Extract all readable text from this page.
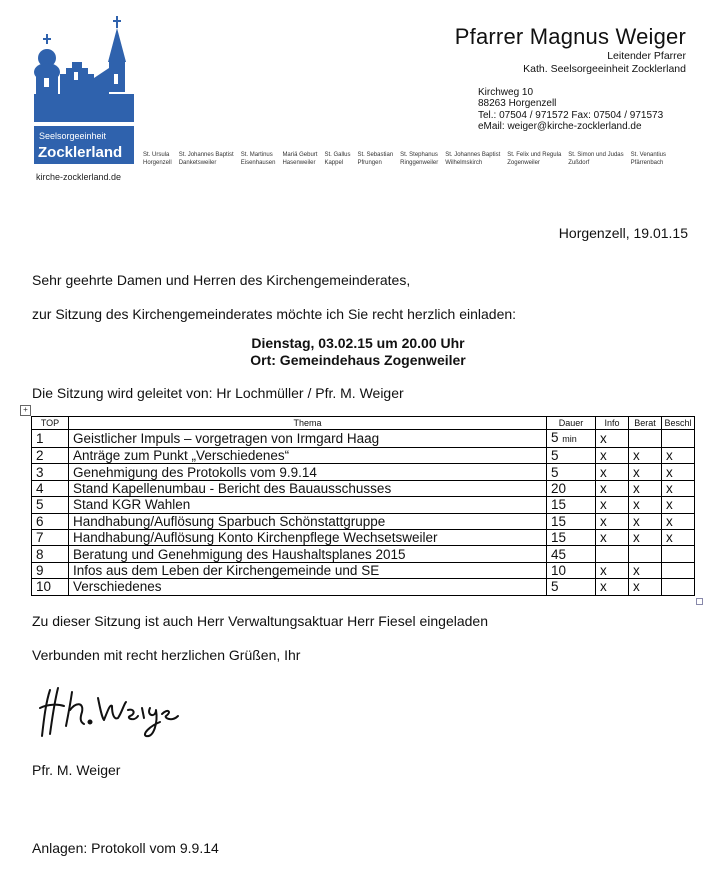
Seelsorgeeinheit
Zocklerland
kirche-zocklerland.de
Pfarrer Magnus Weiger
Leitender Pfarrer
Kath. Seelsorgeeinheit Zocklerland
Kirchweg 10
88263 Horgenzell
Tel.: 07504 / 971572 Fax: 07504 / 971573
eMail: weiger@kirche-zocklerland.de
St. Ursula
Horgenzell
St. Johannes Baptist
Danketsweiler
St. Martinus
Eisenhausen
Mariä Geburt
Hasenweiler
St. Gallus
Kappel
St. Sebastian
Pfrungen
St. Stephanus
Ringgenweiler
St. Johannes Baptist
Wilhelmskirch
St. Felix und Regula
Zogenweiler
St. Simon und Judas
Zußdorf
St. Venantius
Pfärrenbach
Horgenzell, 19.01.15
Sehr geehrte Damen und Herren des Kirchengemeinderates,
zur Sitzung des Kirchengemeinderates möchte ich Sie recht herzlich einladen:
Dienstag, 03.02.15 um 20.00 Uhr
Ort: Gemeindehaus Zogenweiler
Die Sitzung wird geleitet von: Hr Lochmüller / Pfr. M. Weiger
+
TOP	Thema	Dauer	Info	Berat	Beschl
1	Geistlicher Impuls – vorgetragen von Irmgard Haag	5 min	x		
2	Anträge zum Punkt „Verschiedenes“	5	x	x	x
3	Genehmigung des Protokolls vom 9.9.14	5	x	x	x
4	Stand Kapellenumbau - Bericht des Bauausschusses	20	x	x	x
5	Stand KGR Wahlen	15	x	x	x
6	Handhabung/Auflösung Sparbuch Schönstattgruppe	15	x	x	x
7	Handhabung/Auflösung Konto Kirchenpflege Wechsetsweiler	15	x	x	x
8	Beratung und Genehmigung des Haushaltsplanes 2015	45			
9	Infos aus dem Leben der Kirchengemeinde und SE	10	x	x	
10	Verschiedenes	5	x	x	
Zu dieser Sitzung ist auch Herr Verwaltungsaktuar Herr Fiesel eingeladen
Verbunden mit recht herzlichen Grüßen, Ihr
Pfr. M. Weiger
Anlagen: Protokoll vom 9.9.14
